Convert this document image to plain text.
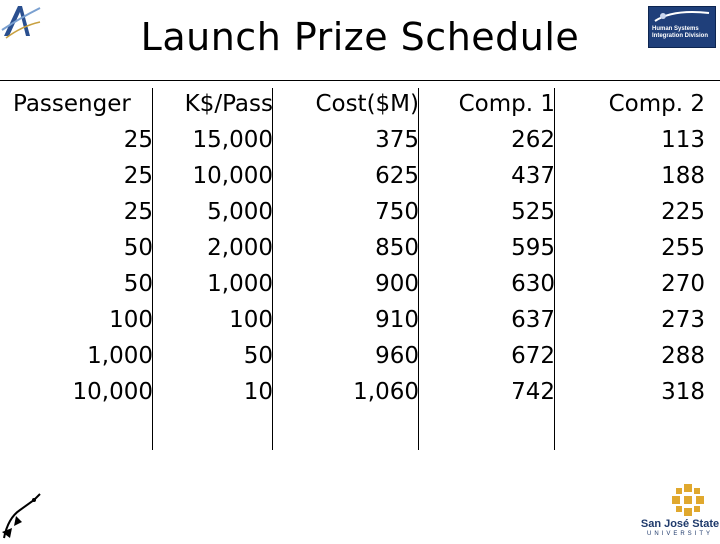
Launch Prize Schedule	Human Systems Integration Division
Passenger	K$/Pass	Cost($M)	Comp. 1	Comp. 2
25	15,000	375	262	113
25	10,000	625	437	188
25	5,000	750	525	225
50	2,000	850	595	255
50	1,000	900	630	270
100	100	910	637	273
1,000	50	960	672	288
10,000	10	1,060	742	318
San José State
UNIVERSITY
